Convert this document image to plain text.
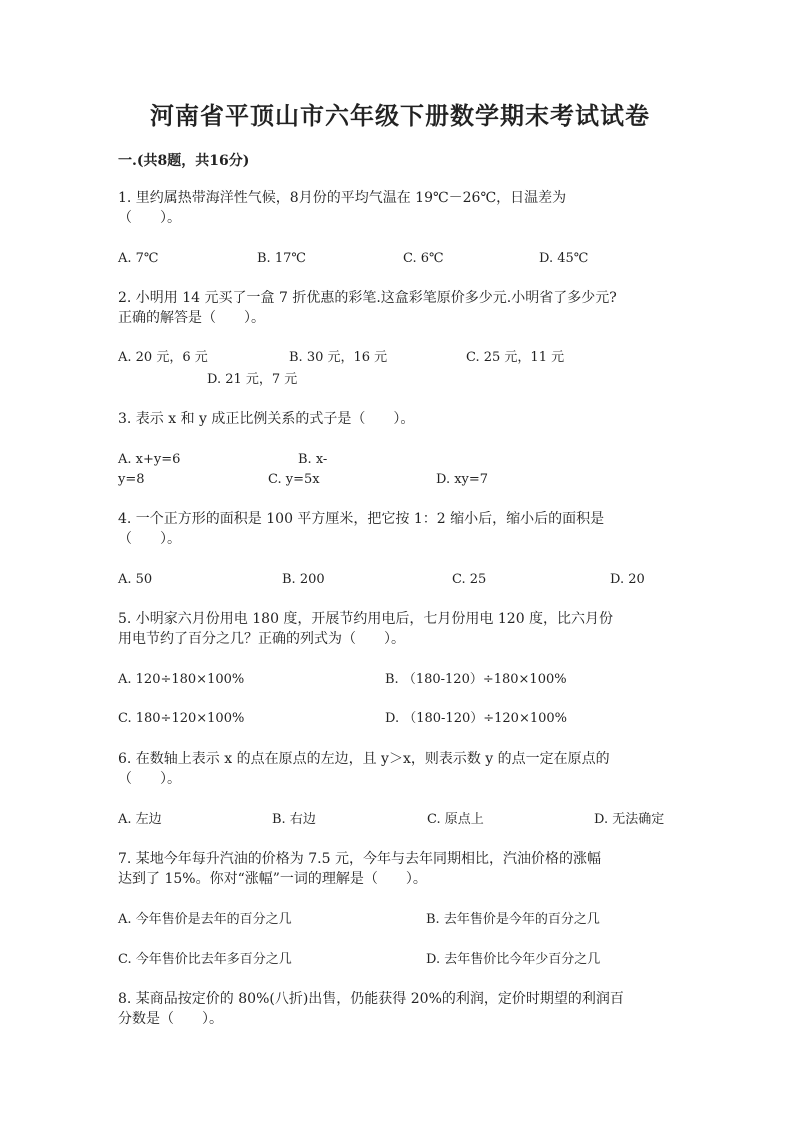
河南省平顶山市六年级下册数学期末考试试卷
一.(共8题，共16分)
1. 里约属热带海洋性气候，8月份的平均气温在 19℃－26℃，日温差为
（　　）。
A. 7℃	B. 17℃	C. 6℃	D. 45℃
2. 小明用 14 元买了一盒 7 折优惠的彩笔.这盒彩笔原价多少元.小明省了多少元?
正确的解答是（　　）。
A. 20 元，6 元	B. 30 元，16 元	C. 25 元，11 元
D. 21 元，7 元
3. 表示 x 和 y 成正比例关系的式子是（　　）。
A. x+y=6	B. x-
y=8	C. y=5x	D. xy=7
4. 一个正方形的面积是 100 平方厘米，把它按 1：2 缩小后，缩小后的面积是
（　　）。
A. 50	B. 200	C. 25	D. 20
5. 小明家六月份用电 180 度，开展节约用电后，七月份用电 120 度，比六月份
用电节约了百分之几？正确的列式为（　　）。
A. 120÷180×100%	B. （180-120）÷180×100%
C. 180÷120×100%	D. （180-120）÷120×100%
6. 在数轴上表示 x 的点在原点的左边，且 y＞x，则表示数 y 的点一定在原点的
（　　）。
A. 左边	B. 右边	C. 原点上	D. 无法确定
7. 某地今年每升汽油的价格为 7.5 元，今年与去年同期相比，汽油价格的涨幅
达到了 15%。你对“涨幅”一词的理解是（　　）。
A. 今年售价是去年的百分之几	B. 去年售价是今年的百分之几
C. 今年售价比去年多百分之几	D. 去年售价比今年少百分之几
8. 某商品按定价的 80%(八折)出售，仍能获得 20%的利润，定价时期望的利润百
分数是（　　）。
